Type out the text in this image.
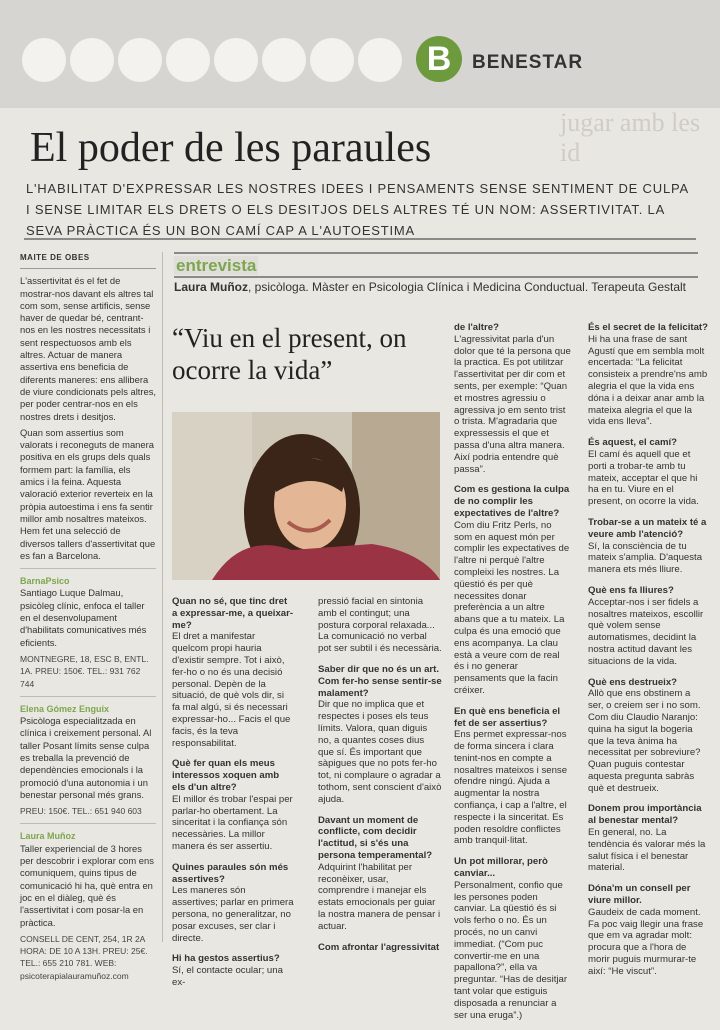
B	BENESTAR
jugar amb les id
El poder de les paraules
L'HABILITAT D'EXPRESSAR LES NOSTRES IDEES I PENSAMENTS SENSE SENTIMENT DE CULPA I SENSE LIMITAR ELS DRETS O ELS DESITJOS DELS ALTRES TÉ UN NOM: ASSERTIVITAT. LA SEVA PRÀCTICA ÉS UN BON CAMÍ CAP A L'AUTOESTIMA
MAITE DE OBES

L'assertivitat és el fet de mostrar-nos davant els altres tal com som, sense artificis, sense haver de quedar bé, centrant-nos en les nostres necessitats i sent respectuosos amb els altres. Actuar de manera assertiva ens beneficia de diferents maneres: ens allibera de viure condicionats pels altres, per poder centrar-nos en els nostres drets i desitjos.

Quan som assertius som valorats i reconeguts de manera positiva en els grups dels quals formem part: la família, els amics i la feina. Aquesta valoració exterior reverteix en la pròpia autoestima i ens fa sentir millor amb nosaltres mateixos. Hem fet una selecció de diversos tallers d'assertivitat que es fan a Barcelona.

BarnaPsico

Santiago Luque Dalmau, psicòleg clínic, enfoca el taller en el desenvolupament d'habilitats comunicatives més eficients.

MONTNEGRE, 18, ESC B, ENTL. 1A. PREU: 150€. TEL.: 931 762 744

Elena Gómez Enguix

Psicòloga especialitzada en clínica i creixement personal. Al taller Posant límits sense culpa es treballa la prevenció de dependències emocionals i la promoció d'una autonomia i un benestar personal més grans.

PREU: 150€. TEL.: 651 940 603

Laura Muñoz

Taller experiencial de 3 hores per descobrir i explorar com ens comuniquem, quins tipus de comunicació hi ha, què entra en joc en el diàleg, què és l'assertivitat i com posar-la en pràctica.

CONSELL DE CENT, 254, 1R 2A HORA: DE 10 A 13H. PREU: 25€. TEL.: 655 210 781. WEB: psicoterapialauramuñoz.com

entrevista
Laura Muñoz, psicòloga. Màster en Psicologia Clínica i Medicina Conductual. Terapeuta Gestalt
“Viu en el present, on ocorre la vida”

Quan no sé, que tinc dret a expressar-me, a queixar-me?

El dret a manifestar quelcom propi hauria d'existir sempre. Tot i això, fer-ho o no és una decisió personal. Depèn de la situació, de què vols dir, si fa mal algú, si és necessari expressar-ho... Facis el que facis, és la teva responsabilitat.

Què fer quan els meus interessos xoquen amb els d'un altre?

El millor és trobar l'espai per parlar-ho obertament. La sinceritat i la confiança són necessàries. La millor manera és ser assertiu.

Quines paraules són més assertives?

Les maneres són assertives; parlar en primera persona, no generalitzar, no posar excuses, ser clar i directe.

Hi ha gestos assertius?

Sí, el contacte ocular; una ex-

pressió facial en sintonia amb el contingut; una postura corporal relaxada... La comunicació no verbal pot ser subtil i és necessària.

Saber dir que no és un art. Com fer-ho sense sentir-se malament?

Dir que no implica que et respectes i poses els teus límits. Valora, quan diguis no, a quantes coses dius que sí. És important que sàpigues que no pots fer-ho tot, ni complaure o agradar a tothom, sent conscient d'això ajuda.

Davant un moment de conflicte, com decidir l'actitud, si s'és una persona temperamental?

Adquirint l'habilitat per reconèixer, usar, comprendre i manejar els estats emocionals per guiar la nostra manera de pensar i actuar.

Com afrontar l'agressivitat

de l'altre?

L'agressivitat parla d'un dolor que té la persona que la practica. Es pot utilitzar l'assertivitat per dir com et sents, per exemple: “Quan et mostres agressiu o agressiva jo em sento trist o trista. M'agradaria que expressessis el que et passa d'una altra manera. Així podria entendre què passa”.

Com es gestiona la culpa de no complir les expectatives de l'altre?

Com diu Fritz Perls, no som en aquest món per complir les expectatives de l'altre ni perquè l'altre compleixi les nostres. La qüestió és per què necessites donar preferència a un altre abans que a tu mateix. La culpa és una emoció que ens acompanya. La clau està a veure com de real és i no generar pensaments que la facin créixer.

En què ens beneficia el fet de ser assertius?

Ens permet expressar-nos de forma sincera i clara tenint-nos en compte a nosaltres mateixos i sense ofendre ningú. Ajuda a augmentar la nostra confiança, i cap a l'altre, el respecte i la sinceritat. Es poden resoldre conflictes amb tranquil·litat.

Un pot millorar, però canviar...

Personalment, confio que les persones poden canviar. La qüestió és si vols ferho o no. És un procés, no un canvi immediat. (“Com puc convertir-me en una papallona?”, ella va preguntar. “Has de desitjar tant volar que estiguis disposada a renunciar a ser una eruga”.)

És el secret de la felicitat?

Hi ha una frase de sant Agustí que em sembla molt encertada: “La felicitat consisteix a prendre'ns amb alegria el que la vida ens dóna i a deixar anar amb la mateixa alegria el que la vida ens lleva”.

És aquest, el camí?

El camí és aquell que et porti a trobar-te amb tu mateix, acceptar el que hi ha en tu. Viure en el present, on ocorre la vida.

Trobar-se a un mateix té a veure amb l'atenció?

Sí, la consciència de tu mateix s'amplia. D'aquesta manera ets més lliure.

Què ens fa lliures?

Acceptar-nos i ser fidels a nosaltres mateixos, escollir què volem sense automatismes, decidint la nostra actitud davant les situacions de la vida.

Què ens destrueix?

Allò que ens obstinem a ser, o creiem ser i no som. Com diu Claudio Naranjo: quina ha sigut la bogeria que la teva ànima ha necessitat per sobreviure? Quan puguis contestar aquesta pregunta sabràs què et destrueix.

Donem prou importància al benestar mental?

En general, no. La tendència és valorar més la salut física i el benestar material.

Dóna'm un consell per viure millor.

Gaudeix de cada moment. Fa poc vaig llegir una frase que em va agradar molt: procura que a l'hora de morir puguis murmurar-te així: “He viscut”.
